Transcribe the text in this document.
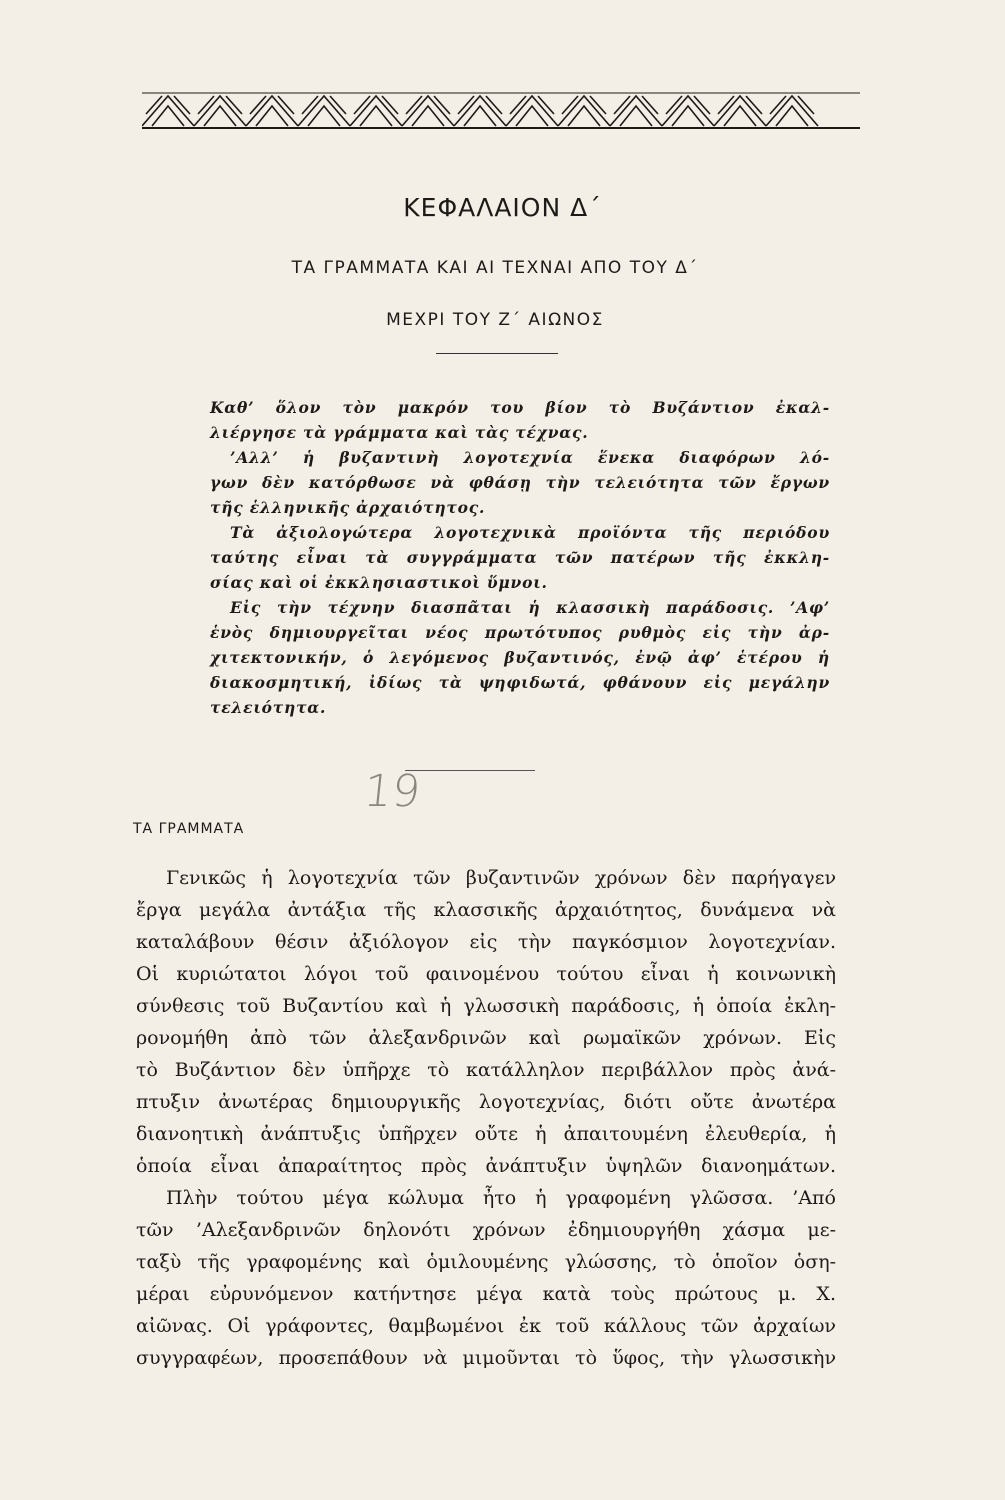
ΚΕΦΑΛΑΙΟΝ Δ΄
ΤΑ ΓΡΑΜΜΑΤΑ ΚΑΙ ΑΙ ΤΕΧΝΑΙ ΑΠΟ ΤΟΥ Δ΄
ΜΕΧΡΙ ΤΟΥ Ζ΄ ΑΙΩΝΟΣ

Καθ’ ὅλον τὸν μακρόν του βίον τὸ Βυζάντιον ἐκαλ-

λιέργησε τὰ γράμματα καὶ τὰς τέχνας.

’Αλλ’ ἡ βυζαντινὴ λογοτεχνία ἕνεκα διαφόρων λό-

γων δὲν κατόρθωσε νὰ φθάσῃ τὴν τελειότητα τῶν ἔργων

τῆς ἑλληνικῆς ἀρχαιότητος.

Τὰ ἀξιολογώτερα λογοτεχνικὰ προϊόντα τῆς περιόδου

ταύτης εἶναι τὰ συγγράμματα τῶν πατέρων τῆς ἐκκλη-

σίας καὶ οἱ ἐκκλησιαστικοὶ ὕμνοι.

Εἰς τὴν τέχνην διασπᾶται ἡ κλασσικὴ παράδοσις. ’Αφ’

ἑνὸς δημιουργεῖται νέος πρωτότυπος ρυθμὸς εἰς τὴν ἀρ-

χιτεκτονικήν, ὁ λεγόμενος βυζαντινός, ἐνῷ ἀφ’ ἑτέρου ἡ

διακοσμητική, ἰδίως τὰ ψηφιδωτά, φθάνουν εἰς μεγάλην

τελειότητα.

19
ΤΑ ΓΡΑΜΜΑΤΑ

Γενικῶς ἡ λογοτεχνία τῶν βυζαντινῶν χρόνων δὲν παρήγαγεν

ἔργα μεγάλα ἀντάξια τῆς κλασσικῆς ἀρχαιότητος, δυνάμενα νὰ

καταλάβουν θέσιν ἀξιόλογον εἰς τὴν παγκόσμιον λογοτεχνίαν.

Οἱ κυριώτατοι λόγοι τοῦ φαινομένου τούτου εἶναι ἡ κοινωνικὴ

σύνθεσις τοῦ Βυζαντίου καὶ ἡ γλωσσικὴ παράδοσις, ἡ ὁποία ἐκλη-

ρονομήθη ἀπὸ τῶν ἀλεξανδρινῶν καὶ ρωμαϊκῶν χρόνων. Εἰς

τὸ Βυζάντιον δὲν ὑπῆρχε τὸ κατάλληλον περιβάλλον πρὸς ἀνά-

πτυξιν ἀνωτέρας δημιουργικῆς λογοτεχνίας, διότι οὔτε ἀνωτέρα

διανοητικὴ ἀνάπτυξις ὑπῆρχεν οὔτε ἡ ἀπαιτουμένη ἐλευθερία, ἡ

ὁποία εἶναι ἀπαραίτητος πρὸς ἀνάπτυξιν ὑψηλῶν διανοημάτων.

Πλὴν τούτου μέγα κώλυμα ἦτο ἡ γραφομένη γλῶσσα. ’Από

τῶν ’Αλεξανδρινῶν δηλονότι χρόνων ἐδημιουργήθη χάσμα με-

ταξὺ τῆς γραφομένης καὶ ὁμιλουμένης γλώσσης, τὸ ὁποῖον ὁση-

μέραι εὐρυνόμενον κατήντησε μέγα κατὰ τοὺς πρώτους μ. Χ.

αἰῶνας. Οἱ γράφοντες, θαμβωμένοι ἐκ τοῦ κάλλους τῶν ἀρχαίων

συγγραφέων, προσεπάθουν νὰ μιμοῦνται τὸ ὕφος, τὴν γλωσσικὴν
